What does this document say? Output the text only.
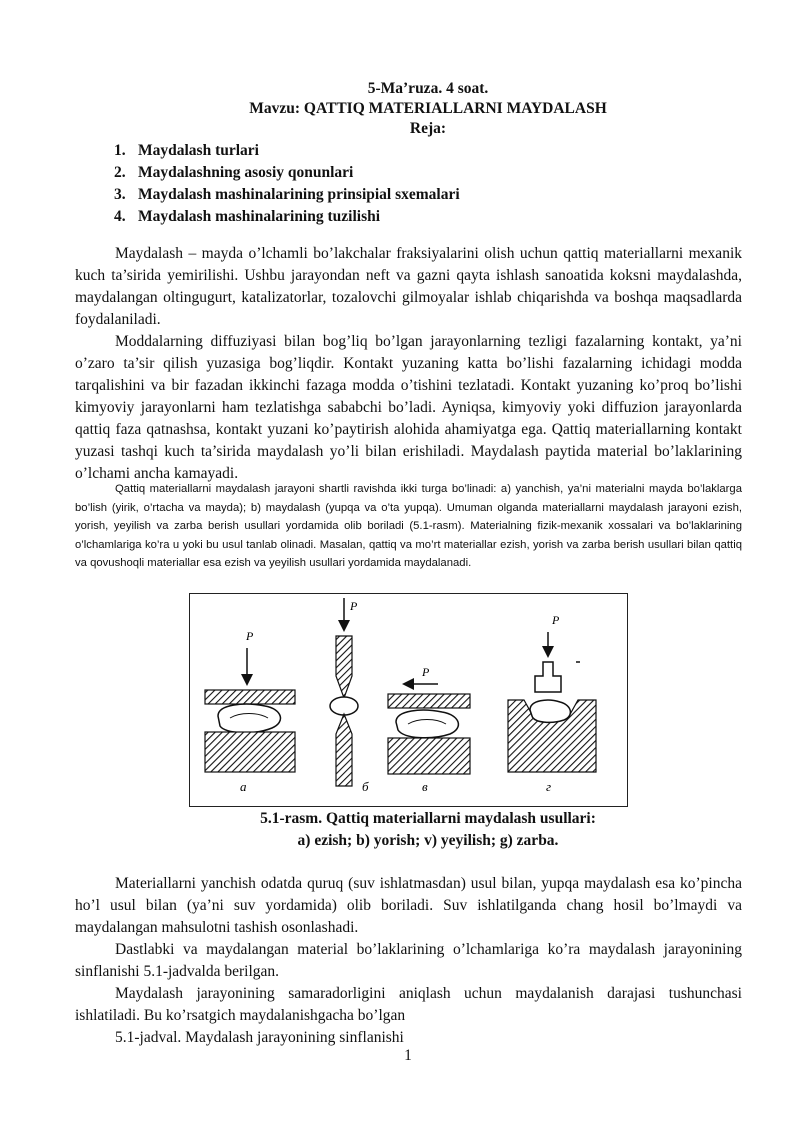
5-Ma’ruza. 4 soat.
Mavzu: QATTIQ MATERIALLARNI MAYDALASH
Reja:
1. Maydalash turlari
2. Maydalashning asosiy qonunlari
3. Maydalash mashinalarining prinsipial sxemalari
4. Maydalash mashinalarining tuzilishi

Maydalash – mayda o’lchamli bo’lakchalar fraksiyalarini olish uchun qattiq materiallarni mexanik kuch ta’sirida yemirilishi. Ushbu jarayondan neft va gazni qayta ishlash sanoatida koksni maydalashda, maydalangan oltingugurt, katalizatorlar, tozalovchi gilmoyalar ishlab chiqarishda va boshqa maqsadlarda foydalaniladi.

Moddalarning diffuziyasi bilan bog’liq bo’lgan jarayonlarning tezligi fazalarning kontakt, ya’ni o’zaro ta’sir qilish yuzasiga bog’liqdir. Kontakt yuzaning katta bo’lishi fazalarning ichidagi modda tarqalishini va bir fazadan ikkinchi fazaga modda o’tishini tezlatadi. Kontakt yuzaning ko’proq bo’lishi kimyoviy jarayonlarni ham tezlatishga sababchi bo’ladi. Ayniqsa, kimyoviy yoki diffuzion jarayonlarda qattiq faza qatnashsa, kontakt yuzani ko’paytirish alohida ahamiyatga ega. Qattiq materiallarning kontakt yuzasi tashqi kuch ta’sirida maydalash yo’li bilan erishiladi. Maydalash paytida material bo’laklarining o’lchami ancha kamayadi.

Qattiq materiallarni maydalash jarayoni shartli ravishda ikki turga bo’linadi: a) yanchish, ya’ni materialni mayda bo’laklarga bo’lish (yirik, o’rtacha va mayda); b) maydalash (yupqa va o’ta yupqa). Umuman olganda materiallarni maydalash jarayoni ezish, yorish, yeyilish va zarba berish usullari yordamida olib boriladi (5.1-rasm). Materialning fizik-mexanik xossalari va bo’laklarining o’lchamlariga ko’ra u yoki bu usul tanlab olinadi. Masalan, qattiq va mo’rt materiallar ezish, yorish va zarba berish usullari bilan qattiq va qovushoqli materiallar esa ezish va yeyilish usullari yordamida maydalanadi.

P
а
P
б
P
в
P
г
5.1-rasm. Qattiq materiallarni maydalash usullari:
a) ezish; b) yorish; v) yeyilish; g) zarba.

Materiallarni yanchish odatda quruq (suv ishlatmasdan) usul bilan, yupqa maydalash esa ko’pincha ho’l usul bilan (ya’ni suv yordamida) olib boriladi. Suv ishlatilganda chang hosil bo’lmaydi va maydalangan mahsulotni tashish osonlashadi.

Dastlabki va maydalangan material bo’laklarining o’lchamlariga ko’ra maydalash jarayonining sinflanishi 5.1-jadvalda berilgan.

Maydalash jarayonining samaradorligini aniqlash uchun maydalanish darajasi tushunchasi ishlatiladi. Bu ko’rsatgich maydalanishgacha bo’lgan

5.1-jadval. Maydalash jarayonining sinflanishi

1
